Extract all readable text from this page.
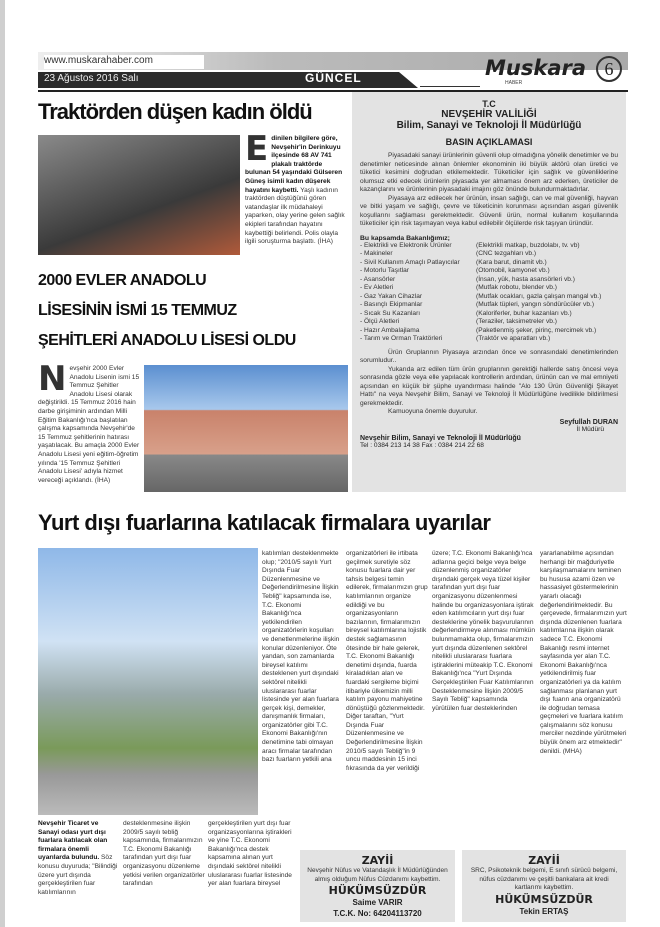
www.muskarahaber.com
23 Ağustos 2016 Salı	GÜNCEL	Muskara
HABER
6
Traktörden düşen kadın öldü
Edinilen bilgilere göre, Nevşehir'in Derinkuyu ilçesinde 68 AV 741 plakalı traktörde bulunan 54 yaşındaki Gülseren Güneş isimli kadın düşerek hayatını kaybetti. Yaşlı kadının traktörden düştüğünü gören vatandaşlar ilk müdahaleyi yaparken, olay yerine gelen sağlık ekipleri tarafından hayatını kaybettiği belirlendi. Polis olayla ilgili soruşturma başlattı. (İHA)
T.C
NEVŞEHİR VALİLİĞİ
Bilim, Sanayi ve Teknoloji İl Müdürlüğü
BASIN AÇIKLAMASI

Piyasadaki sanayi ürünlerinin güvenli olup olmadığına yönelik denetimler ve bu denetimler neticesinde alınan önlemler ekonominin iki büyük aktörü olan üretici ve tüketici kesimini doğrudan etkilemektedir. Tüketiciler için sağlık ve güvenliklerine olumsuz etki edecek ürünlerin piyasada yer almaması önem arz ederken, üreticiler de kazançlarını ve ürünlerinin piyasadaki imajını göz önünde bulundurmaktadırlar.

Piyasaya arz edilecek her ürünün, insan sağlığı, can ve mal güvenliği, hayvan ve bitki yaşam ve sağlığı, çevre ve tüketicinin korunması açısından asgari güvenlik koşullarını sağlaması gerekmektedir. Güvenli ürün, normal kullanım koşullarında tüketiciler için risk taşımayan veya kabul edilebilir ölçülerde risk taşıyan üründür.

Bu kapsamda Bakanlığımız;
- Elektrikli ve Elektronik Ürünler	(Elektrikli matkap, buzdolabı, tv. vb)
- Makineler	(CNC tezgahları vb.)
- Sivil Kullanım Amaçlı Patlayıcılar	(Kara barut, dinamit vb.)
- Motorlu Taşıtlar	(Otomobil, kamyonet vb.)
- Asansörler	(İnsan, yük, hasta asansörleri vb.)
- Ev Aletleri	(Mutfak robotu, blender vb.)
- Gaz Yakan Cihazlar	(Mutfak ocakları, gazla çalışan mangal vb.)
- Basınçlı Ekipmanlar	(Mutfak tüpleri, yangın söndürücüler vb.)
- Sıcak Su Kazanları	(Kaloriferler, buhar kazanları vb.)
- Ölçü Aletleri	(Teraziler, taksimetreler vb.)
- Hazır Ambalajlama	(Paketlenmiş şeker, pirinç, mercimek vb.)
- Tarım ve Orman Traktörleri	(Traktör ve aparatları vb.)

Ürün Gruplarının Piyasaya arzından önce ve sonrasındaki denetimlerinden sorumludur..

Yukarıda arz edilen tüm ürün gruplarının gerektiği hallerde satış öncesi veya sonrasında gözle veya elle yapılacak kontrollerin ardından, ürünün can ve mal emniyeti açısından en küçük bir şüphe uyandırması halinde "Alo 130 Ürün Güvenliği Şikayet Hattı" na veya Nevşehir Bilim, Sanayi ve Teknoloji İl Müdürlüğüne ivedilikle bildirilmesi gerekmektedir.

Kamuoyuna önemle duyurulur.

Seyfullah DURAN
İl Müdürü
Nevşehir Bilim, Sanayi ve Teknoloji İl Müdürlüğü
Tel : 0384 213 14 38 Fax : 0384 214 22 68
2000 EVLER ANADOLU
LİSESİNİN İSMİ 15 TEMMUZ
ŞEHİTLERİ ANADOLU LİSESİ OLDU
Nevşehir 2000 Evler Anadolu Lisenin ismi 15 Temmuz Şehitler Anadolu Lisesi olarak değiştirildi. 15 Temmuz 2016 hain darbe girişiminin ardından Milli Eğitim Bakanlığı'nca başlatılan çalışma kapsamında Nevşehir'de 15 Temmuz şehitlerinin hatırası yaşatılacak. Bu amaçla 2000 Evler Anadolu Lisesi yeni eğitim-öğretim yılında '15 Temmuz Şehitleri Anadolu Lisesi' adıyla hizmet vereceği açıklandı. (İHA)
Yurt dışı fuarlarına katılacak firmalara uyarılar
Nevşehir Ticaret ve Sanayi odası yurt dışı fuarlara katılacak olan firmalara önemli uyarılarda bulundu. Söz konusu duyuruda; "Bilindiği üzere yurt dışında gerçekleştirilen fuar katılımlarının
desteklenmesine ilişkin 2009/5 sayılı tebliğ kapsamında, firmalarımızın T.C. Ekonomi Bakanlığı tarafından yurt dışı fuar organizasyonu düzenleme yetkisi verilen organizatörler tarafından
gerçekleştirilen yurt dışı fuar organizasyonlarına iştirakleri ve yine T.C. Ekonomi Bakanlığı'nca destek kapsamına alınan yurt dışındaki sektörel nitelikli uluslararası fuarlar listesinde yer alan fuarlara bireysel
katılımları desteklenmekte olup; "2010/5 sayılı Yurt Dışında Fuar Düzenlenmesine ve Değerlendirilmesine İlişkin Tebliğ" kapsamında ise, T.C. Ekonomi Bakanlığı'nca yetkilendirilen organizatörlerin koşulları ve denetlenmelerine ilişkin konular düzenleniyor. Öte yandan, son zamanlarda bireysel katılımı desteklenen yurt dışındaki sektörel nitelikli uluslararası fuarlar listesinde yer alan fuarlara gerçek kişi, demekler, danışmanlık firmaları, organizatörler gibi T.C. Ekonomi Bakanlığı'nın denetimine tabi olmayan aracı firmalar tarafından bazı fuarların yetkili ana
organizatörleri ile irtibata geçilmek suretiyle söz konusu fuarlara dair yer tahsis belgesi temin edilerek, firmalarımızın grup katılımlarının organize edildiği ve bu organizasyonların bazılarının, firmalarımızın bireysel katılımlarına lojistik destek sağlamasının ötesinde bir hale gelerek, T.C. Ekonomi Bakanlığı denetimi dışında, fuarda kiraladıkları alan ve fuardaki sergileme biçimi itibariyle ülkemizin milli katılım payonu mahiyetine dönüştüğü gözlenmektedir. Diğer taraftan, "Yurt Dışında Fuar Düzenlenmesine ve Değerlendirilmesine İlişkin 2010/5 sayılı Tebliğ"in 9 uncu maddesinin 15 inci fıkrasında da yer verildiği
üzere; T.C. Ekonomi Bakanlığı'nca adlarına geçici belge veya belge düzenlenmiş organizatörler dışındaki gerçek veya tüzel kişiler tarafından yurt dışı fuar organizasyonu düzenlenmesi halinde bu organizasyonlara iştirak eden katılımcıların yurt dışı fuar desteklerine yönelik başvurularının değerlendirmeye alınması mümkün bulunmamakta olup, firmalarımızın yurt dışında düzenlenen sektörel nitelikli uluslararası fuarlara iştiraklerini müteakip T.C. Ekonomi Bakanlığı'nca "Yurt Dışında Gerçekleştirilen Fuar Katılımlarının Desteklenmesine İlişkin 2009/5 Sayılı Tebliğ" kapsamında yürütülen fuar desteklerinden
yararlanabilme açısından herhangi bir mağduriyetle karşılaşmamalarını teminen bu hususa azami özen ve hassasiyet göstermelerinin yararlı olacağı değerlendirilmektedir. Bu çerçevede, firmalarımızın yurt dışında düzenlenen fuarlara katılımlarına ilişkin olarak sadece T.C. Ekonomi Bakanlığı resmi internet sayfasında yer alan T.C. Ekonomi Bakanlığı'nca yetkilendirilmiş fuar organizatörleri ya da katılım sağlanması planlanan yurt dışı fuarın ana organizatörü ile doğrudan temasa geçmeleri ve fuarlara katılım çalışmalarını söz konusu merciler nezdinde yürütmeleri büyük önem arz etmektedir" denildi. (MHA)
ZAYİİ
Nevşehir Nüfus ve Vatandaşlık İl Müdürlüğünden almış olduğum Nüfus Cüzdanımı kaybettim.
HÜKÜMSÜZDÜR
Saime VARIR
T.C.K. No: 64204113720
ZAYİİ
SRC, Psikoteknik belgemi, E sınıfı sürücü belgemi, nüfus cüzdanımı ve çeşitli bankalara ait kredi kartlarımı kaybettim.
HÜKÜMSÜZDÜR
Tekin ERTAŞ
